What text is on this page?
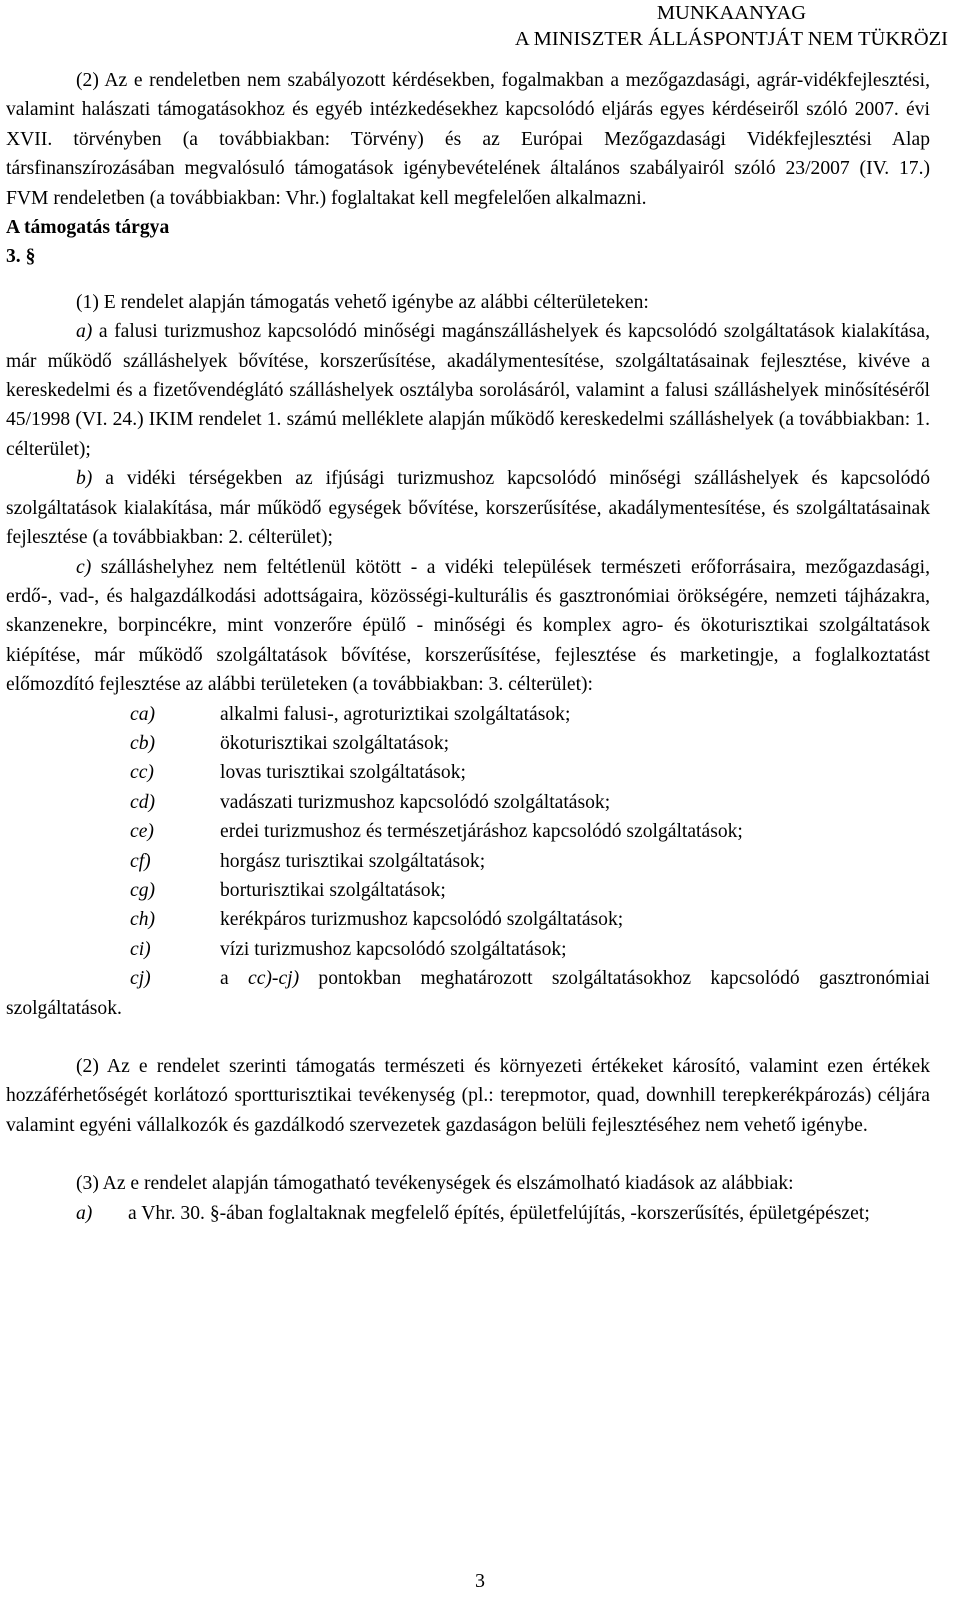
MUNKAANYAG
A MINISZTER ÁLLÁSPONTJÁT NEM TÜKRÖZI

(2) Az e rendeletben nem szabályozott kérdésekben, fogalmakban a mezőgazdasági, agrár-vidékfejlesztési, valamint halászati támogatásokhoz és egyéb intézkedésekhez kapcsolódó eljárás egyes kérdéseiről szóló 2007. évi XVII. törvényben (a továbbiakban: Törvény) és az Európai Mezőgazdasági Vidékfejlesztési Alap társfinanszírozásában megvalósuló támogatások igénybevételének általános szabályairól szóló 23/2007 (IV. 17.) FVM rendeletben (a továbbiakban: Vhr.) foglaltakat kell megfelelően alkalmazni.

A támogatás tárgya

3. §

(1) E rendelet alapján támogatás vehető igénybe az alábbi célterületeken:

a) a falusi turizmushoz kapcsolódó minőségi magánszálláshelyek és kapcsolódó szolgáltatások kialakítása, már működő szálláshelyek bővítése, korszerűsítése, akadálymentesítése, szolgáltatásainak fejlesztése, kivéve a kereskedelmi és a fizetővendéglátó szálláshelyek osztályba sorolásáról, valamint a falusi szálláshelyek minősítéséről 45/1998 (VI. 24.) IKIM rendelet 1. számú melléklete alapján működő kereskedelmi szálláshelyek (a továbbiakban: 1. célterület);

b) a vidéki térségekben az ifjúsági turizmushoz kapcsolódó minőségi szálláshelyek és kapcsolódó szolgáltatások kialakítása, már működő egységek bővítése, korszerűsítése, akadálymentesítése, és szolgáltatásainak fejlesztése (a továbbiakban: 2. célterület);

c) szálláshelyhez nem feltétlenül kötött - a vidéki települések természeti erőforrásaira, mezőgazdasági, erdő-, vad-, és halgazdálkodási adottságaira, közösségi-kulturális és gasztronómiai örökségére, nemzeti tájházakra, skanzenekre, borpincékre, mint vonzerőre épülő - minőségi és komplex agro- és ökoturisztikai szolgáltatások kiépítése, már működő szolgáltatások bővítése, korszerűsítése, fejlesztése és marketingje, a foglalkoztatást előmozdító fejlesztése az alábbi területeken (a továbbiakban: 3. célterület):

ca)	alkalmi falusi-, agroturiztikai szolgáltatások;
cb)	ökoturisztikai szolgáltatások;
cc)	lovas turisztikai szolgáltatások;
cd)	vadászati turizmushoz kapcsolódó szolgáltatások;
ce)	erdei turizmushoz és természetjáráshoz kapcsolódó szolgáltatások;
cf)	horgász turisztikai szolgáltatások;
cg)	borturisztikai szolgáltatások;
ch)	kerékpáros turizmushoz kapcsolódó szolgáltatások;
ci)	vízi turizmushoz kapcsolódó szolgáltatások;

cj)	a cc)-cj) pontokban meghatározott szolgáltatásokhoz kapcsolódó gasztronómiai szolgáltatások.

(2) Az e rendelet szerinti támogatás természeti és környezeti értékeket károsító, valamint ezen értékek hozzáférhetőségét korlátozó sportturisztikai tevékenység (pl.: terepmotor, quad, downhill terepkerékpározás) céljára valamint egyéni vállalkozók és gazdálkodó szervezetek gazdaságon belüli fejlesztéséhez nem vehető igénybe.

(3) Az e rendelet alapján támogatható tevékenységek és elszámolható kiadások az alábbiak:

a) a Vhr. 30. §-ában foglaltaknak megfelelő építés, épületfelújítás, -korszerűsítés, épületgépészet;

3
